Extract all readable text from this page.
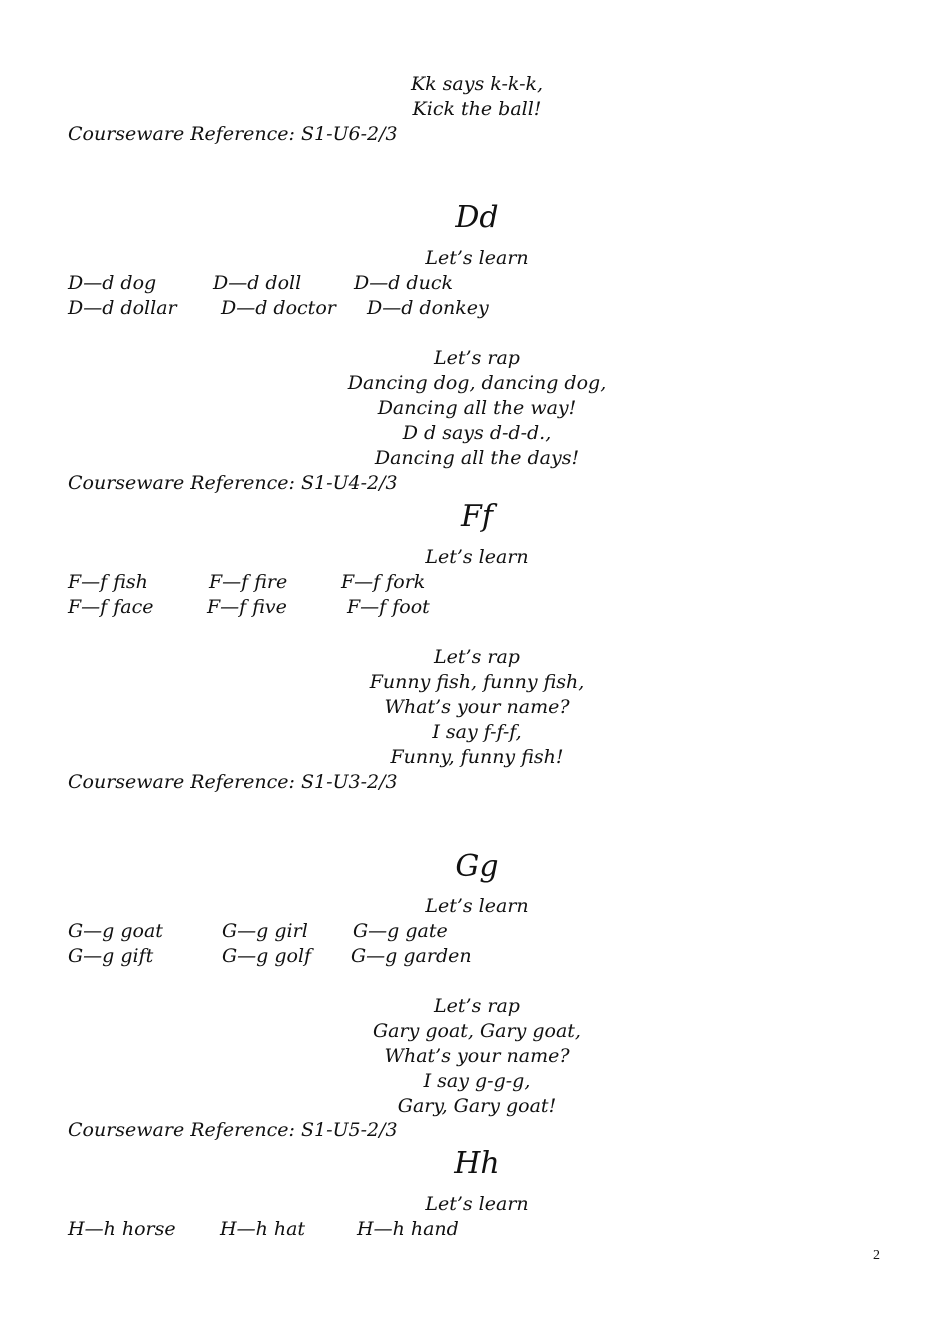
Kk says k-k-k,
Kick the ball!
Courseware Reference: S1-U6-2/3
Dd
Let’s learn
D—d dog	D—d doll	D—d duck
D—d dollar D—d doctor D—d donkey
Let’s rap
Dancing dog, dancing dog,
Dancing all the way!
D d says d-d-d.,
Dancing all the days!
Courseware Reference: S1-U4-2/3
Ff
Let’s learn
F—f fish	F—f fire	F—f fork
F—f face	F—f five	F—f foot
Let’s rap
Funny fish, funny fish,
What’s your name?
I say f-f-f,
Funny, funny fish!
Courseware Reference: S1-U3-2/3
Gg
Let’s learn
G—g goat	G—g girl G—g gate
G—g gift	G—g golf G—g garden
Let’s rap
Gary goat, Gary goat,
What’s your name?
I say g-g-g,
Gary, Gary goat!
Courseware Reference: S1-U5-2/3
Hh
Let’s learn
H—h horse H—h hat	H—h hand
2
